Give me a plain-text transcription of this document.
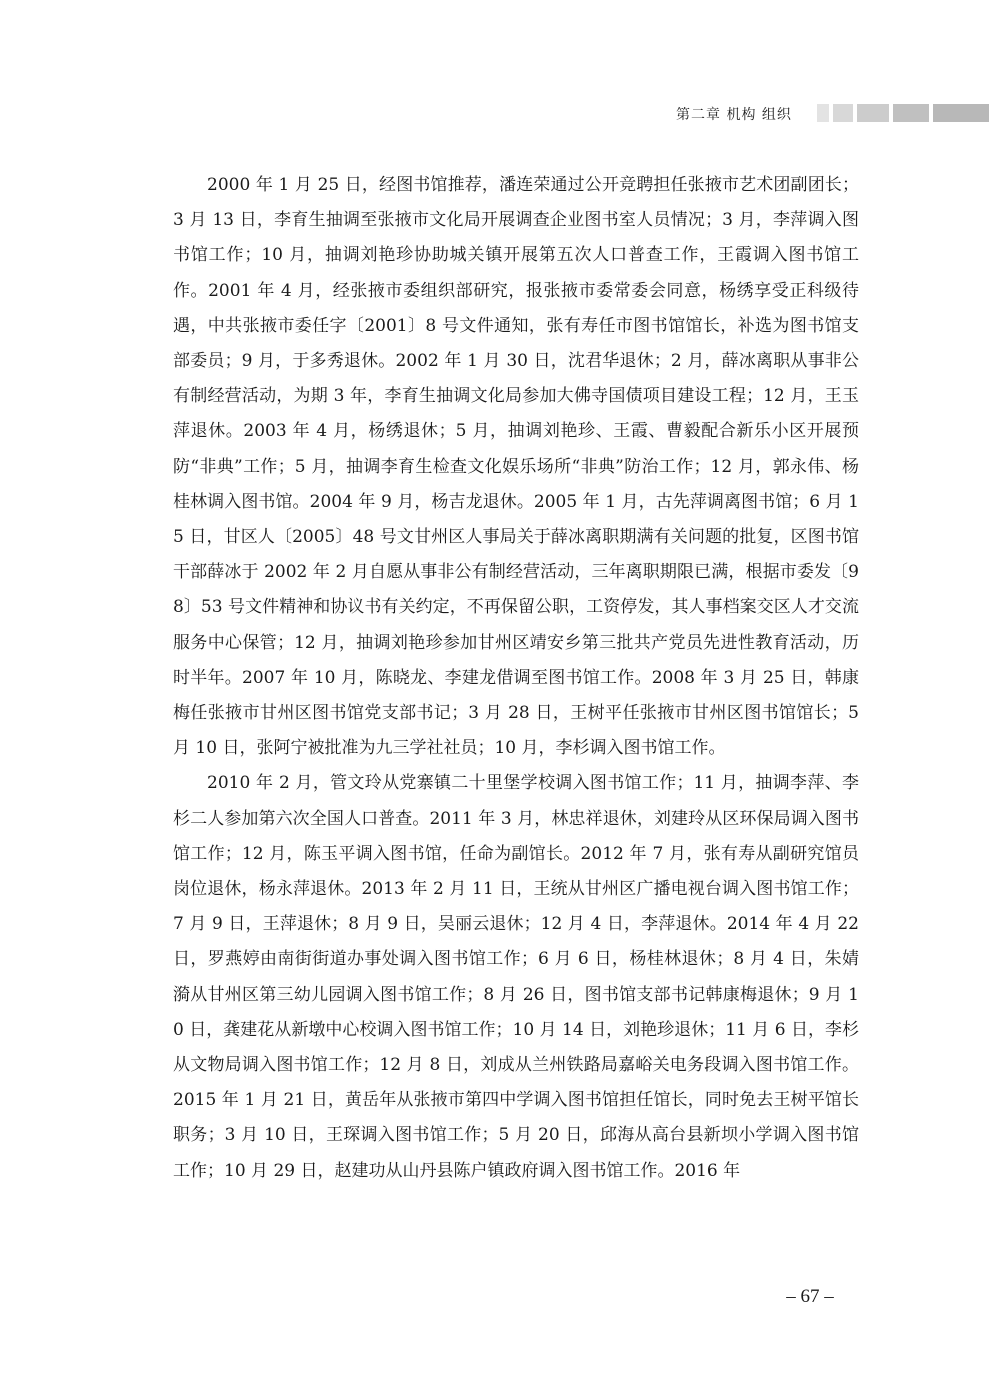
第二章 机构 组织

2000 年 1 月 25 日，经图书馆推荐，潘连荣通过公开竞聘担任张掖市艺术团副团长；3 月 13 日，李育生抽调至张掖市文化局开展调查企业图书室人员情况；3 月，李萍调入图书馆工作；10 月，抽调刘艳珍协助城关镇开展第五次人口普查工作，王霞调入图书馆工作。2001 年 4 月，经张掖市委组织部研究，报张掖市委常委会同意，杨绣享受正科级待遇，中共张掖市委任字〔2001〕8 号文件通知，张有寿任市图书馆馆长，补选为图书馆支部委员；9 月，于多秀退休。2002 年 1 月 30 日，沈君华退休；2 月，薛冰离职从事非公有制经营活动，为期 3 年，李育生抽调文化局参加大佛寺国债项目建设工程；12 月，王玉萍退休。2003 年 4 月，杨绣退休；5 月，抽调刘艳珍、王霞、曹毅配合新乐小区开展预防“非典”工作；5 月，抽调李育生检查文化娱乐场所“非典”防治工作；12 月，郭永伟、杨桂林调入图书馆。2004 年 9 月，杨吉龙退休。2005 年 1 月，古先萍调离图书馆；6 月 15 日，甘区人〔2005〕48 号文甘州区人事局关于薛冰离职期满有关问题的批复，区图书馆干部薛冰于 2002 年 2 月自愿从事非公有制经营活动，三年离职期限已满，根据市委发〔98〕53 号文件精神和协议书有关约定，不再保留公职，工资停发，其人事档案交区人才交流服务中心保管；12 月，抽调刘艳珍参加甘州区靖安乡第三批共产党员先进性教育活动，历时半年。2007 年 10 月，陈晓龙、李建龙借调至图书馆工作。2008 年 3 月 25 日，韩康梅任张掖市甘州区图书馆党支部书记；3 月 28 日，王树平任张掖市甘州区图书馆馆长；5 月 10 日，张阿宁被批准为九三学社社员；10 月，李杉调入图书馆工作。

2010 年 2 月，管文玲从党寨镇二十里堡学校调入图书馆工作；11 月，抽调李萍、李杉二人参加第六次全国人口普查。2011 年 3 月，林忠祥退休，刘建玲从区环保局调入图书馆工作；12 月，陈玉平调入图书馆，任命为副馆长。2012 年 7 月，张有寿从副研究馆员岗位退休，杨永萍退休。2013 年 2 月 11 日，王统从甘州区广播电视台调入图书馆工作；7 月 9 日，王萍退休；8 月 9 日，吴丽云退休；12 月 4 日，李萍退休。2014 年 4 月 22 日，罗燕婷由南街街道办事处调入图书馆工作；6 月 6 日，杨桂林退休；8 月 4 日，朱婧漪从甘州区第三幼儿园调入图书馆工作；8 月 26 日，图书馆支部书记韩康梅退休；9 月 10 日，龚建花从新墩中心校调入图书馆工作；10 月 14 日，刘艳珍退休；11 月 6 日，李杉从文物局调入图书馆工作；12 月 8 日，刘成从兰州铁路局嘉峪关电务段调入图书馆工作。2015 年 1 月 21 日，黄岳年从张掖市第四中学调入图书馆担任馆长，同时免去王树平馆长职务；3 月 10 日，王琛调入图书馆工作；5 月 20 日，邱海从高台县新坝小学调入图书馆工作；10 月 29 日，赵建功从山丹县陈户镇政府调入图书馆工作。2016 年

– 67 –
